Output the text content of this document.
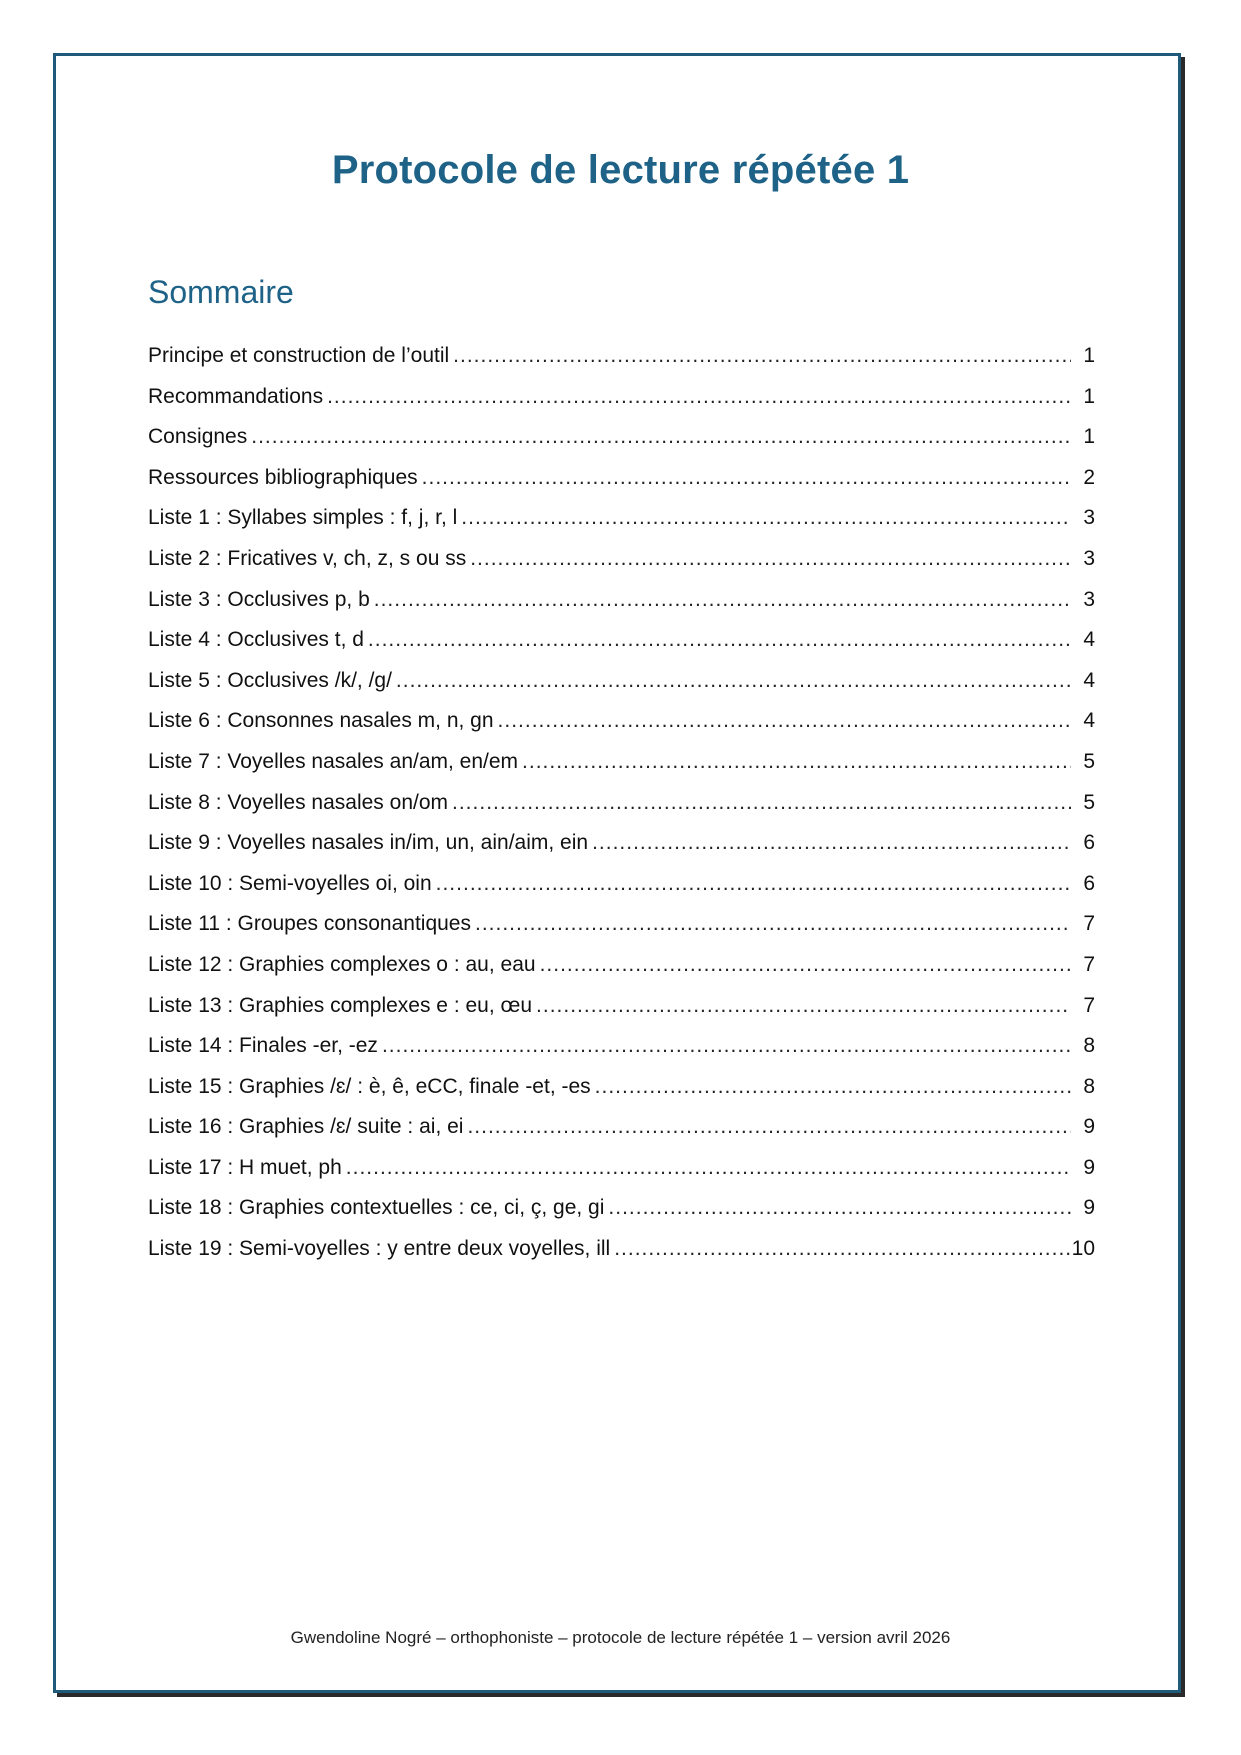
Protocole de lecture répétée 1
Sommaire
Principe et construction de l’outil .....	1
Recommandations .....	1
Consignes .....	1
Ressources bibliographiques .....	2
Liste 1 : Syllabes simples : f, j, r, l .....	3
Liste 2 : Fricatives v, ch, z, s ou ss .....	3
Liste 3 : Occlusives p, b .....	3
Liste 4 : Occlusives t, d .....	4
Liste 5 : Occlusives /k/, /g/ .....	4
Liste 6 : Consonnes nasales m, n, gn .....	4
Liste 7 : Voyelles nasales an/am, en/em .....	5
Liste 8 : Voyelles nasales on/om .....	5
Liste 9 : Voyelles nasales in/im, un, ain/aim, ein .....	6
Liste 10 : Semi-voyelles oi, oin .....	6
Liste 11 : Groupes consonantiques .....	7
Liste 12 : Graphies complexes o : au, eau .....	7
Liste 13 : Graphies complexes e : eu, œu .....	7
Liste 14 : Finales -er, -ez .....	8
Liste 15 : Graphies /ɛ/ : è, ê, eCC, finale -et, -es .....	8
Liste 16 : Graphies /ɛ/ suite : ai, ei .....	9
Liste 17 : H muet, ph .....	9
Liste 18 : Graphies contextuelles : ce, ci, ç, ge, gi .....	9
Liste 19 : Semi-voyelles : y entre deux voyelles, ill .....	10

Gwendoline Nogré – orthophoniste – protocole de lecture répétée 1 – version avril 2026
